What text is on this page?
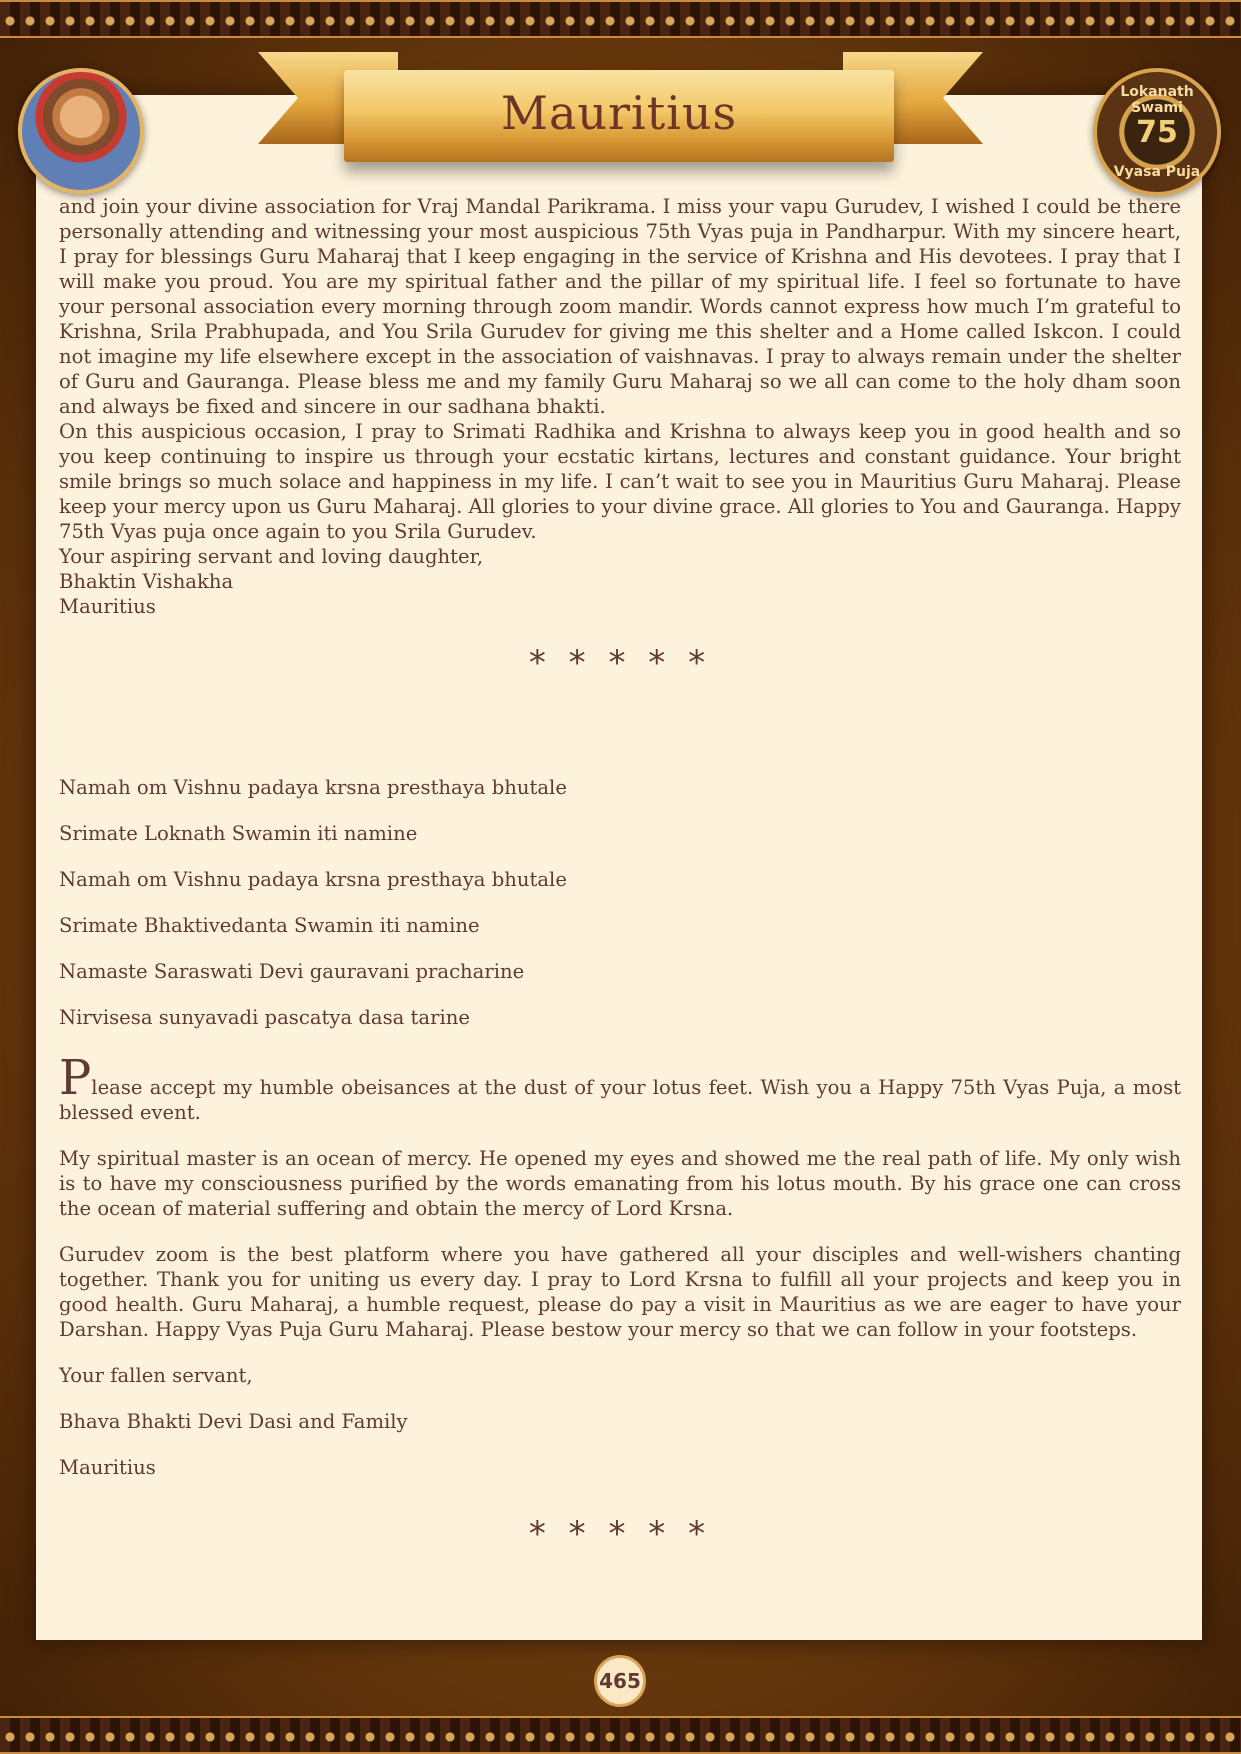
Lokanath Swami
75
Vyasa Puja
Mauritius

and join your divine association for Vraj Mandal Parikrama. I miss your vapu Gurudev, I wished I could be there personally attending and witnessing your most auspicious 75th Vyas puja in Pandharpur. With my sincere heart, I pray for blessings Guru Maharaj that I keep engaging in the service of Krishna and His devotees. I pray that I will make you proud. You are my spiritual father and the pillar of my spiritual life. I feel so fortunate to have your personal association every morning through zoom mandir. Words cannot express how much I’m grateful to Krishna, Srila Prabhupada, and You Srila Gurudev for giving me this shelter and a Home called Iskcon. I could not imagine my life elsewhere except in the association of vaishnavas. I pray to always remain under the shelter of Guru and Gauranga. Please bless me and my family Guru Maharaj so we all can come to the holy dham soon and always be fixed and sincere in our sadhana bhakti.

On this auspicious occasion, I pray to Srimati Radhika and Krishna to always keep you in good health and so you keep continuing to inspire us through your ecstatic kirtans, lectures and constant guidance. Your bright smile brings so much solace and happiness in my life. I can’t wait to see you in Mauritius Guru Maharaj. Please keep your mercy upon us Guru Maharaj. All glories to your divine grace. All glories to You and Gauranga. Happy 75th Vyas puja once again to you Srila Gurudev.

Your aspiring servant and loving daughter,

Bhaktin Vishakha

Mauritius

* * * * *

Namah om Vishnu padaya krsna presthaya bhutale

Srimate Loknath Swamin iti namine

Namah om Vishnu padaya krsna presthaya bhutale

Srimate Bhaktivedanta Swamin iti namine

Namaste Saraswati Devi gauravani pracharine

Nirvisesa sunyavadi pascatya dasa tarine

Please accept my humble obeisances at the dust of your lotus feet. Wish you a Happy 75th Vyas Puja, a most blessed event.

My spiritual master is an ocean of mercy. He opened my eyes and showed me the real path of life. My only wish is to have my consciousness purified by the words emanating from his lotus mouth. By his grace one can cross the ocean of material suffering and obtain the mercy of Lord Krsna.

Gurudev zoom is the best platform where you have gathered all your disciples and well-wishers chanting together. Thank you for uniting us every day. I pray to Lord Krsna to fulfill all your projects and keep you in good health. Guru Maharaj, a humble request, please do pay a visit in Mauritius as we are eager to have your Darshan. Happy Vyas Puja Guru Maharaj. Please bestow your mercy so that we can follow in your footsteps.

Your fallen servant,

Bhava Bhakti Devi Dasi and Family

Mauritius

* * * * *
465
